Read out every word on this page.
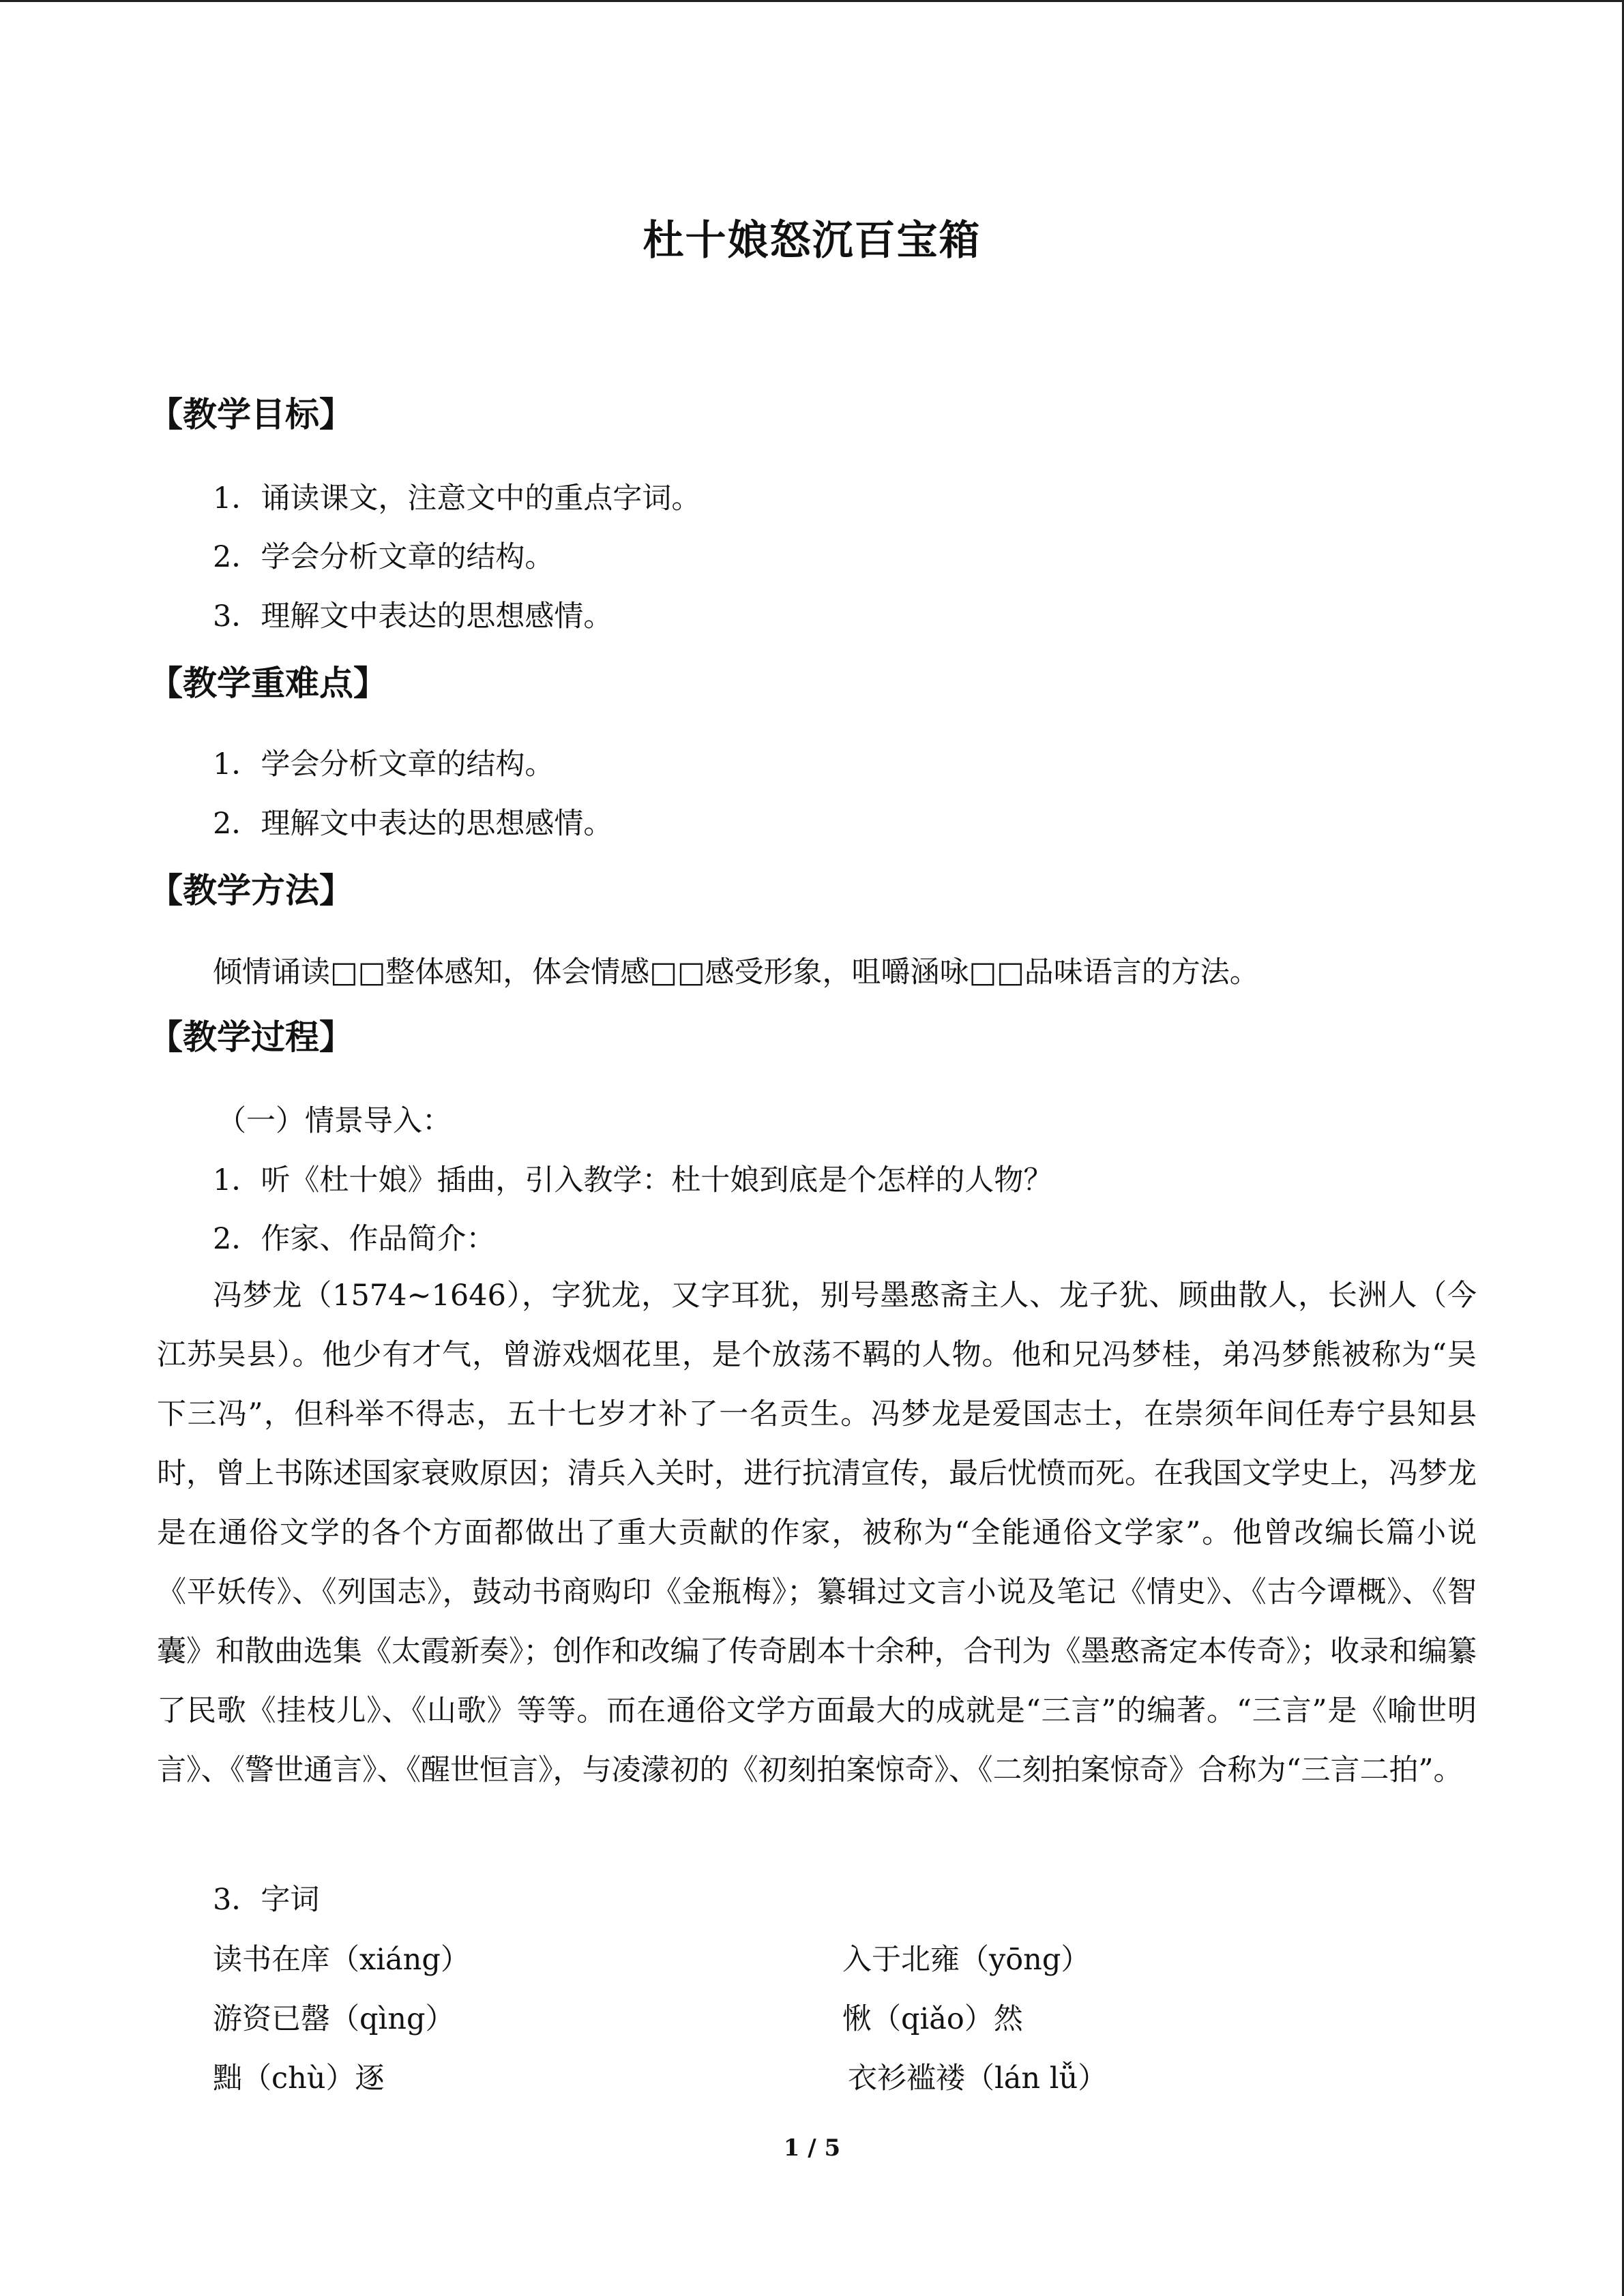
杜十娘怒沉百宝箱
【教学目标】
1．诵读课文，注意文中的重点字词。
2．学会分析文章的结构。
3．理解文中表达的思想感情。
【教学重难点】
1．学会分析文章的结构。
2．理解文中表达的思想感情。
【教学方法】
倾情诵读□□整体感知，体会情感□□感受形象，咀嚼涵咏□□品味语言的方法。
【教学过程】
（一）情景导入：
1．听《杜十娘》插曲，引入教学：杜十娘到底是个怎样的人物？
2．作家、作品简介：
冯梦龙（1574~1646），字犹龙，又字耳犹，别号墨憨斋主人、龙子犹、顾曲散人，长洲人（今江苏吴县）。他少有才气，曾游戏烟花里，是个放荡不羁的人物。他和兄冯梦桂，弟冯梦熊被称为“吴下三冯”，但科举不得志，五十七岁才补了一名贡生。冯梦龙是爱国志士，在崇须年间任寿宁县知县时，曾上书陈述国家衰败原因；清兵入关时，进行抗清宣传，最后忧愤而死。在我国文学史上，冯梦龙是在通俗文学的各个方面都做出了重大贡献的作家，被称为“全能通俗文学家”。他曾改编长篇小说《平妖传》、《列国志》，鼓动书商购印《金瓶梅》；纂辑过文言小说及笔记《情史》、《古今谭概》、《智囊》和散曲选集《太霞新奏》；创作和改编了传奇剧本十余种，合刊为《墨憨斋定本传奇》；收录和编纂了民歌《挂枝儿》、《山歌》等等。而在通俗文学方面最大的成就是“三言”的编著。“三言”是《喻世明言》、《警世通言》、《醒世恒言》，与凌濛初的《初刻拍案惊奇》、《二刻拍案惊奇》合称为“三言二拍”。
3．字词
读书在庠（xiáng）	入于北雍（yōng）
游资已罄（qìng）	愀（qiǎo）然
黜（chù）逐	衣衫褴褛（lán lǚ）
1 / 5
